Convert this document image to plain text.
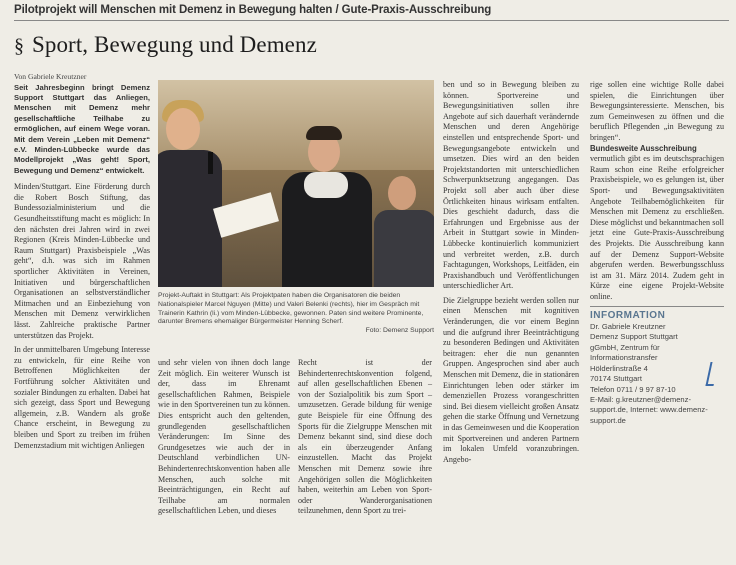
Pilotprojekt will Menschen mit Demenz in Bewegung halten / Gute-Praxis-Ausschreibung
§ Sport, Bewegung und Demenz

Von Gabriele Kreutzner

Seit Jahresbeginn bringt Demenz Support Stuttgart das Anliegen, Menschen mit Demenz mehr gesellschaftliche Teilhabe zu ermöglichen, auf einem Wege voran. Mit dem Verein „Leben mit Demenz“ e.V. Minden-Lübbecke wurde das Modellprojekt „Was geht! Sport, Bewegung und Demenz“ entwickelt.

Minden/Stuttgart. Eine Förderung durch die Robert Bosch Stiftung, das Bundessozialministerium und die Gesundheitsstiftung macht es möglich: In den nächsten drei Jahren wird in zwei Regionen (Kreis Minden-Lübbecke und Raum Stuttgart) Praxisbeispiele „Was geht“, d.h. was sich im Rahmen sportlicher Aktivitäten in Vereinen, Initiativen und bürgerschaftlichen Organisationen an selbstverständlicher Mitmachen und an Einbeziehung von Menschen mit Demenz verwirklichen lässt. Zahlreiche praktische Partner unterstützen das Projekt.

In der unmittelbaren Umgebung Interesse zu entwickeln, für eine Reihe von Betroffenen Möglichkeiten der Fortführung solcher Aktivitäten und sozialer Bindungen zu erhalten. Dabei hat sich gezeigt, dass Sport und Bewegung allgemein, z.B. Wandern als große Chance erscheint, in Bewegung zu bleiben und Sport zu treiben im frühen Demenzstadium mit wichtigen Anliegen

Projekt-Auftakt in Stuttgart: Als Projektpaten haben die Organisatoren die beiden Nationalspieler Marcel Nguyen (Mitte) und Valeri Belenki (rechts), hier im Gespräch mit Trainerin Kathrin (li.) vom Minden-Lübbecke, gewonnen. Paten sind weitere Prominente, darunter Bremens ehemaliger Bürgermeister Henning Scherf.
Foto: Demenz Support

und sehr vielen von ihnen doch lange Zeit möglich. Ein weiterer Wunsch ist der, dass im Ehrenamt gesellschaftlichen Rahmen, Beispiele wie in den Sportvereinen tun zu können. Dies entspricht auch den geltenden, grundlegenden gesellschaftlichen Veränderungen: Im Sinne des Grundgesetzes wie auch der in Deutschland verbindlichen UN-Behindertenrechtskonvention haben alle Menschen, auch solche mit Beeinträchtigungen, ein Recht auf Teilhabe am normalen gesellschaftlichen Leben, und dieses

Recht ist der Behindertenrechtskonvention folgend, auf allen gesellschaftlichen Ebenen – von der Sozialpolitik bis zum Sport – umzusetzen. Gerade bildung für wenige gute Beispiele für eine Öffnung des Sports für die Zielgruppe Menschen mit Demenz bekannt sind, sind diese doch als ein überzeugender Anfang einzustellen. Macht das Projekt Menschen mit Demenz sowie ihre Angehörigen sollen die Möglichkeiten haben, weiterhin am Leben von Sport- oder Wanderorganisationen teilzunehmen, denn Sport zu trei-

ben und so in Bewegung bleiben zu können. Sportvereine und Bewegungsinitiativen sollen ihre Angebote auf sich dauerhaft verändernde Menschen und deren Angehörige einstellen und entsprechende Sport- und Bewegungsangebote entwickeln und umsetzen. Dies wird an den beiden Projektstandorten mit unterschiedlichen Schwerpunktsetzung angegangen. Das Projekt soll aber auch über diese Örtlichkeiten hinaus wirksam entfalten. Dies geschieht dadurch, dass die Erfahrungen und Ergebnisse aus der Arbeit in Stuttgart sowie in Minden-Lübbecke kontinuierlich kommuniziert und verbreitet werden, z.B. durch Fachtagungen, Workshops, Leitfäden, ein Praxishandbuch und Veröffentlichungen unterschiedlicher Art.

Die Zielgruppe bezieht werden sollen nur einen Menschen mit kognitiven Veränderungen, die vor einem Beginn und die aufgrund ihrer Beeinträchtigung zu besonderen Bedingen und Aktivitäten beitragen: eher die nun genannten Gruppen. Angesprochen sind aber auch Menschen mit Demenz, die in stationären Einrichtungen leben oder stärker im demenziellen Prozess vorangeschritten sind. Bei diesem vielleicht großen Ansatz gehen die starke Öffnung und Vernetzung in das Gemeinwesen und die Kooperation mit Sportvereinen und anderen Partnern im lokalen Umfeld voranzubringen. Angebo-

rige sollen eine wichtige Rolle dabei spielen, die Einrichtungen über Bewegungsinteressierte. Menschen, bis zum Gemeinwesen zu öffnen und die beruflich Pflegenden „in Bewegung zu bringen“.

Bundesweite Ausschreibung

vermutlich gibt es im deutschsprachigen Raum schon eine Reihe erfolgreicher Praxisbeispiele, wo es gelungen ist, über Sport- und Bewegungsaktivitäten Angebote Teilhabemöglichkeiten für Menschen mit Demenz zu erschließen. Diese möglichst und bekanntmachen soll jetzt eine Gute-Praxis-Ausschreibung des Projekts. Die Ausschreibung kann auf der Demenz Support-Website abgerufen werden. Bewerbungsschluss ist am 31. März 2014. Zudem geht in Kürze eine eigene Projekt-Website online.

INFORMATION
Dr. Gabriele Kreutzner
Demenz Support Stuttgart
gGmbH, Zentrum für Informationstransfer
Hölderlinstraße 4
70174 Stuttgart
Telefon 0711 / 9 97 87-10
E-Mail: g.kreutzner@demenz-support.de, Internet: www.demenz-support.de
